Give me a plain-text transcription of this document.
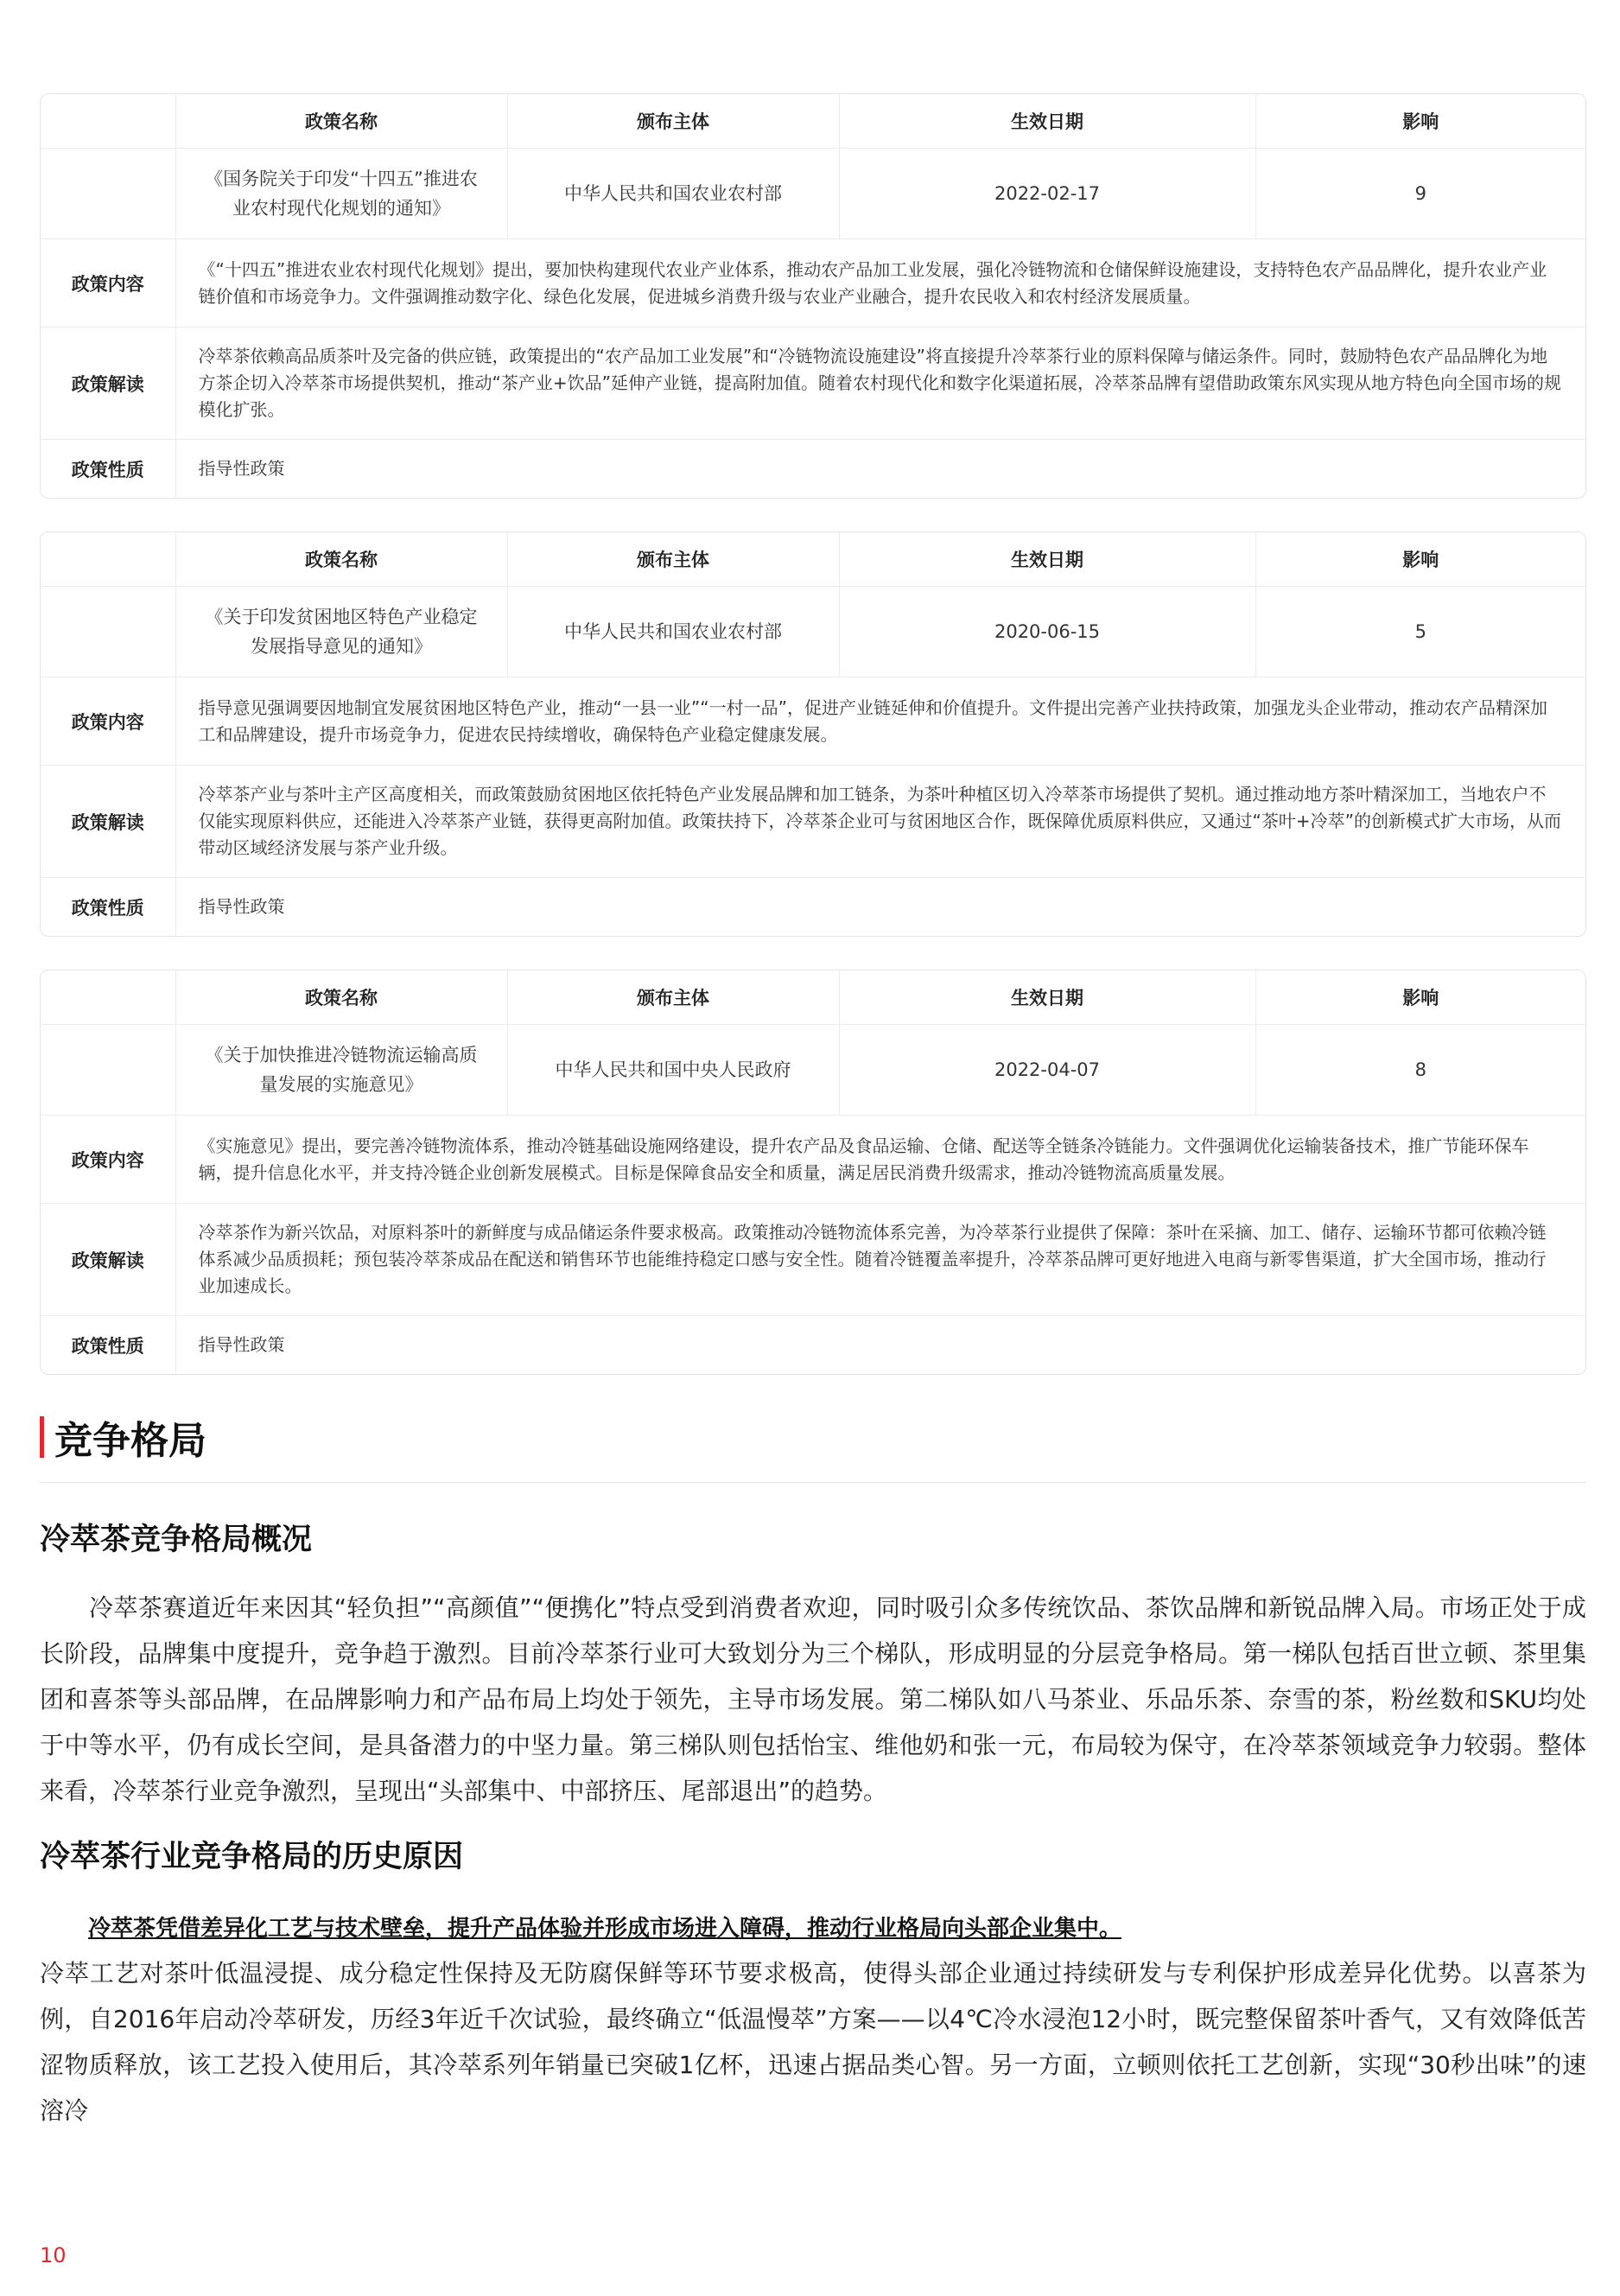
	政策名称	颁布主体	生效日期	影响
	《国务院关于印发“十四五”推进农业农村现代化规划的通知》	中华人民共和国农业农村部	2022-02-17	9
政策内容	《“十四五”推进农业农村现代化规划》提出，要加快构建现代农业产业体系，推动农产品加工业发展，强化冷链物流和仓储保鲜设施建设，支持特色农产品品牌化，提升农业产业链价值和市场竞争力。文件强调推动数字化、绿色化发展，促进城乡消费升级与农业产业融合，提升农民收入和农村经济发展质量。			
政策解读	冷萃茶依赖高品质茶叶及完备的供应链，政策提出的“农产品加工业发展”和“冷链物流设施建设”将直接提升冷萃茶行业的原料保障与储运条件。同时，鼓励特色农产品品牌化为地方茶企切入冷萃茶市场提供契机，推动“茶产业+饮品”延伸产业链，提高附加值。随着农村现代化和数字化渠道拓展，冷萃茶品牌有望借助政策东风实现从地方特色向全国市场的规模化扩张。			
政策性质	指导性政策			
	政策名称	颁布主体	生效日期	影响
	《关于印发贫困地区特色产业稳定发展指导意见的通知》	中华人民共和国农业农村部	2020-06-15	5
政策内容	指导意见强调要因地制宜发展贫困地区特色产业，推动“一县一业”“一村一品”，促进产业链延伸和价值提升。文件提出完善产业扶持政策，加强龙头企业带动，推动农产品精深加工和品牌建设，提升市场竞争力，促进农民持续增收，确保特色产业稳定健康发展。			
政策解读	冷萃茶产业与茶叶主产区高度相关，而政策鼓励贫困地区依托特色产业发展品牌和加工链条，为茶叶种植区切入冷萃茶市场提供了契机。通过推动地方茶叶精深加工，当地农户不仅能实现原料供应，还能进入冷萃茶产业链，获得更高附加值。政策扶持下，冷萃茶企业可与贫困地区合作，既保障优质原料供应，又通过“茶叶+冷萃”的创新模式扩大市场，从而带动区域经济发展与茶产业升级。			
政策性质	指导性政策			
	政策名称	颁布主体	生效日期	影响
	《关于加快推进冷链物流运输高质量发展的实施意见》	中华人民共和国中央人民政府	2022-04-07	8
政策内容	《实施意见》提出，要完善冷链物流体系，推动冷链基础设施网络建设，提升农产品及食品运输、仓储、配送等全链条冷链能力。文件强调优化运输装备技术，推广节能环保车辆，提升信息化水平，并支持冷链企业创新发展模式。目标是保障食品安全和质量，满足居民消费升级需求，推动冷链物流高质量发展。			
政策解读	冷萃茶作为新兴饮品，对原料茶叶的新鲜度与成品储运条件要求极高。政策推动冷链物流体系完善，为冷萃茶行业提供了保障：茶叶在采摘、加工、储存、运输环节都可依赖冷链体系减少品质损耗；预包装冷萃茶成品在配送和销售环节也能维持稳定口感与安全性。随着冷链覆盖率提升，冷萃茶品牌可更好地进入电商与新零售渠道，扩大全国市场，推动行业加速成长。			
政策性质	指导性政策			
竞争格局
冷萃茶竞争格局概况

冷萃茶赛道近年来因其“轻负担”“高颜值”“便携化”特点受到消费者欢迎，同时吸引众多传统饮品、茶饮品牌和新锐品牌入局。市场正处于成长阶段，品牌集中度提升，竞争趋于激烈。目前冷萃茶行业可大致划分为三个梯队，形成明显的分层竞争格局。第一梯队包括百世立顿、茶里集团和喜茶等头部品牌，在品牌影响力和产品布局上均处于领先，主导市场发展。第二梯队如八马茶业、乐品乐茶、奈雪的茶，粉丝数和SKU均处于中等水平，仍有成长空间，是具备潜力的中坚力量。第三梯队则包括怡宝、维他奶和张一元，布局较为保守，在冷萃茶领域竞争力较弱。整体来看，冷萃茶行业竞争激烈，呈现出“头部集中、中部挤压、尾部退出”的趋势。

冷萃茶行业竞争格局的历史原因
冷萃茶凭借差异化工艺与技术壁垒，提升产品体验并形成市场进入障碍，推动行业格局向头部企业集中。

冷萃工艺对茶叶低温浸提、成分稳定性保持及无防腐保鲜等环节要求极高，使得头部企业通过持续研发与专利保护形成差异化优势。以喜茶为例，自2016年启动冷萃研发，历经3年近千次试验，最终确立“低温慢萃”方案——以4℃冷水浸泡12小时，既完整保留茶叶香气，又有效降低苦涩物质释放，该工艺投入使用后，其冷萃系列年销量已突破1亿杯，迅速占据品类心智。另一方面，立顿则依托工艺创新，实现“30秒出味”的速溶冷

10
